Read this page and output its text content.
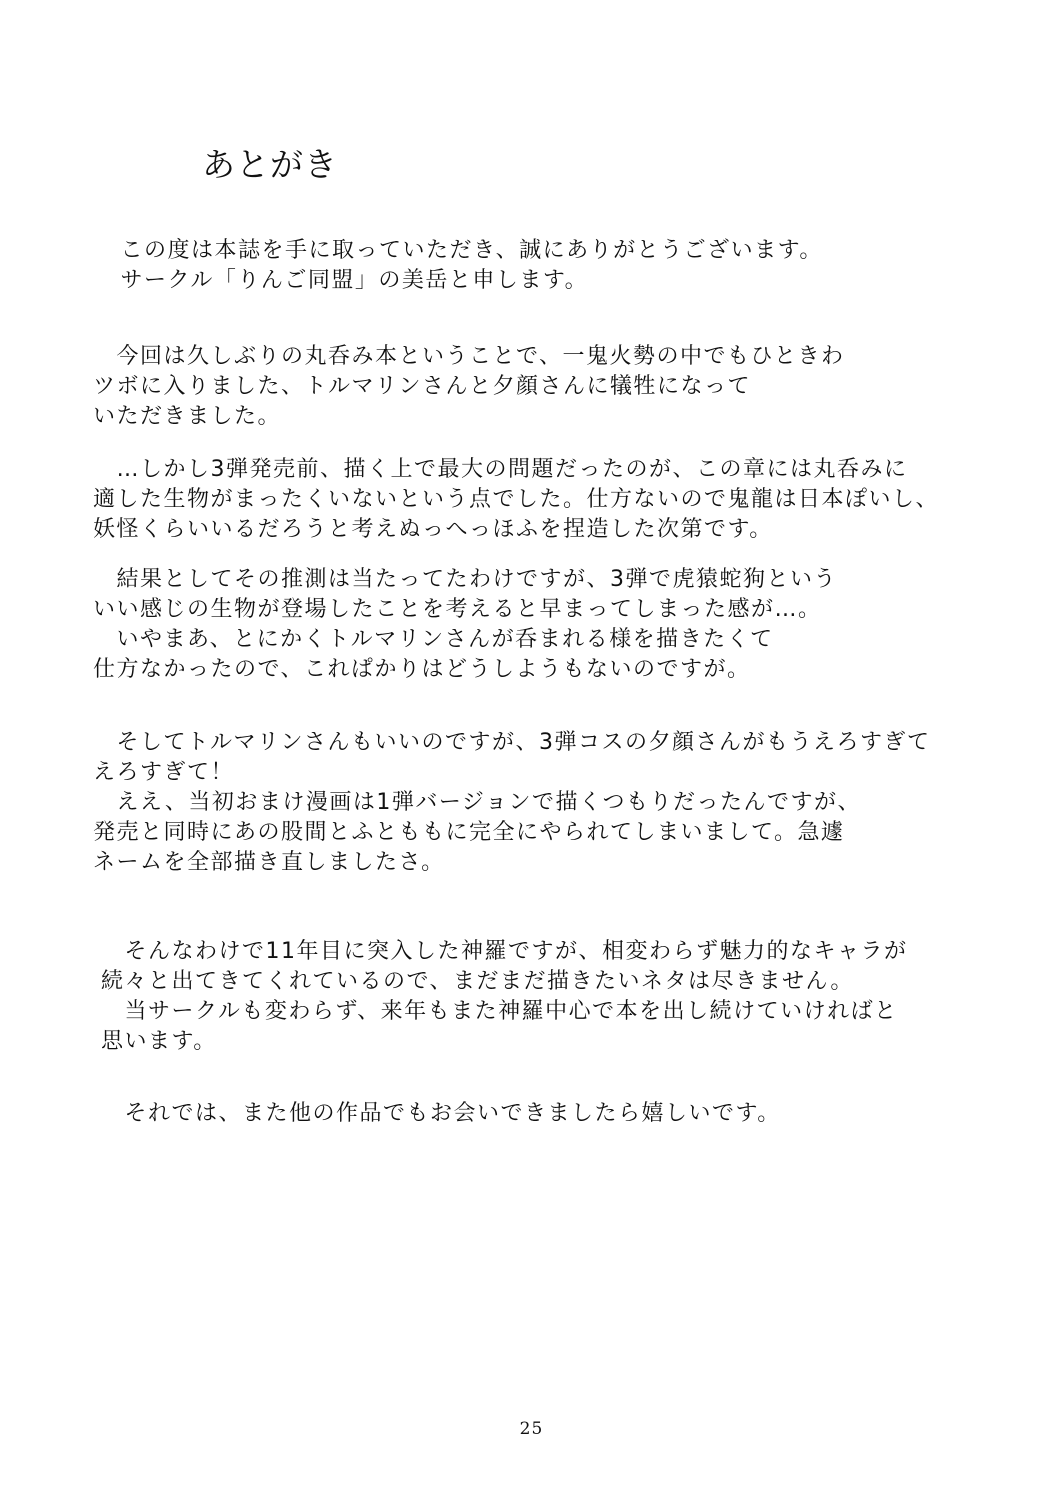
あとがき
　この度は本誌を手に取っていただき、誠にありがとうございます。
　サークル「りんご同盟」の美岳と申します。
　今回は久しぶりの丸呑み本ということで、一鬼火勢の中でもひときわ
ツボに入りました、トルマリンさんと夕顔さんに犠牲になって
いただきました。
　…しかし3弾発売前、描く上で最大の問題だったのが、この章には丸呑みに
適した生物がまったくいないという点でした。仕方ないので鬼龍は日本ぽいし、
妖怪くらいいるだろうと考えぬっへっほふを捏造した次第です。
　結果としてその推測は当たってたわけですが、3弾で虎猿蛇狗という
いい感じの生物が登場したことを考えると早まってしまった感が…。
　いやまあ、とにかくトルマリンさんが呑まれる様を描きたくて
仕方なかったので、これぱかりはどうしようもないのですが。
　そしてトルマリンさんもいいのですが、3弾コスの夕顔さんがもうえろすぎて
えろすぎて！
　ええ、当初おまけ漫画は1弾バージョンで描くつもりだったんですが、
発売と同時にあの股間とふとももに完全にやられてしまいまして。急遽
ネームを全部描き直しましたさ。
　そんなわけで11年目に突入した神羅ですが、相変わらず魅力的なキャラが
続々と出てきてくれているので、まだまだ描きたいネタは尽きません。
　当サークルも変わらず、来年もまた神羅中心で本を出し続けていければと
思います。
　それでは、また他の作品でもお会いできましたら嬉しいです。
25
